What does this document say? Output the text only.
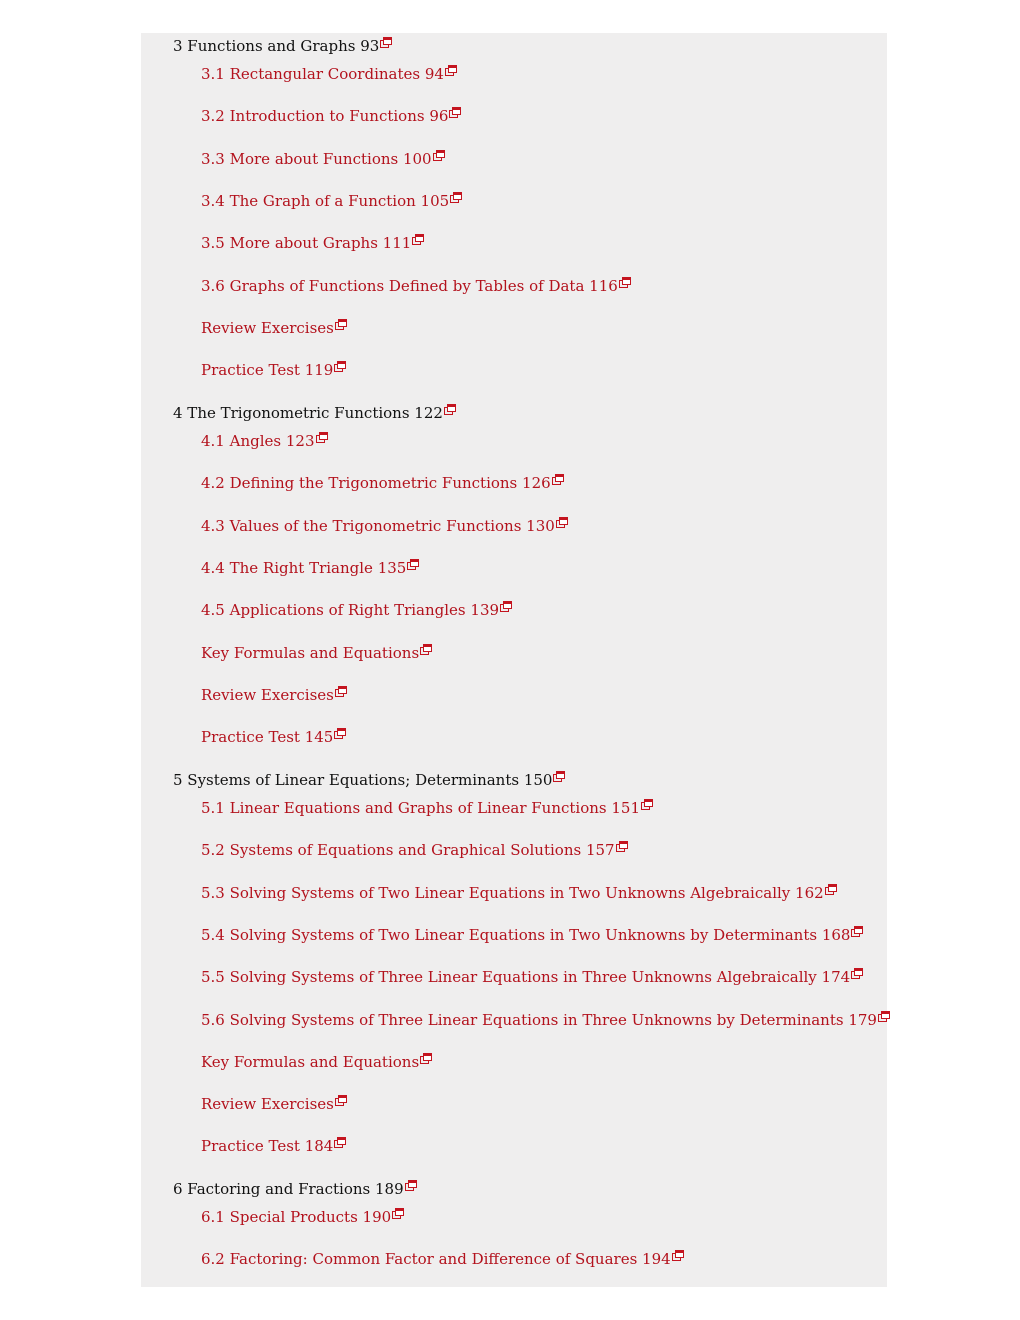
3 Functions and Graphs 93
3.1 Rectangular Coordinates 94
3.2 Introduction to Functions 96
3.3 More about Functions 100
3.4 The Graph of a Function 105
3.5 More about Graphs 111
3.6 Graphs of Functions Defined by Tables of Data 116
Review Exercises
Practice Test 119
4 The Trigonometric Functions 122
4.1 Angles 123
4.2 Defining the Trigonometric Functions 126
4.3 Values of the Trigonometric Functions 130
4.4 The Right Triangle 135
4.5 Applications of Right Triangles 139
Key Formulas and Equations
Review Exercises
Practice Test 145
5 Systems of Linear Equations; Determinants 150
5.1 Linear Equations and Graphs of Linear Functions 151
5.2 Systems of Equations and Graphical Solutions 157
5.3 Solving Systems of Two Linear Equations in Two Unknowns Algebraically 162
5.4 Solving Systems of Two Linear Equations in Two Unknowns by Determinants 168
5.5 Solving Systems of Three Linear Equations in Three Unknowns Algebraically 174
5.6 Solving Systems of Three Linear Equations in Three Unknowns by Determinants 179
Key Formulas and Equations
Review Exercises
Practice Test 184
6 Factoring and Fractions 189
6.1 Special Products 190
6.2 Factoring: Common Factor and Difference of Squares 194
